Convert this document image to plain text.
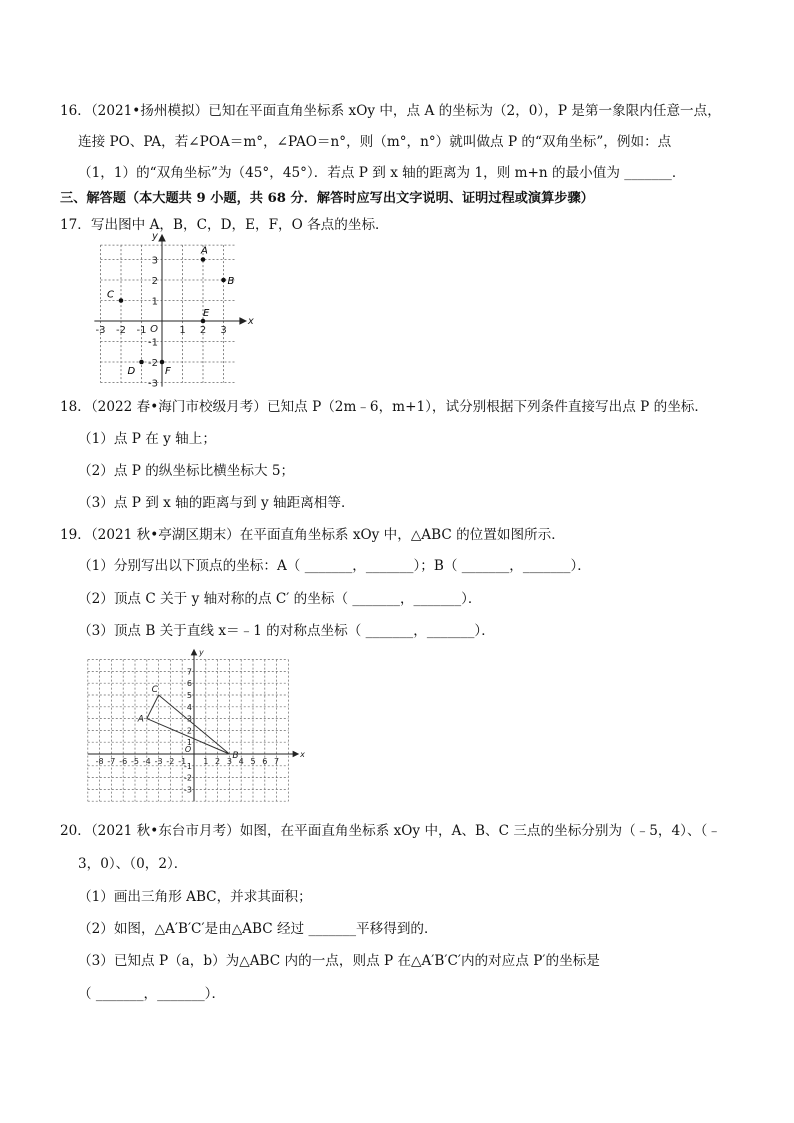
16．（2021•扬州模拟）已知在平面直角坐标系 xOy 中，点 A 的坐标为（2，0），P 是第一象限内任意一点，
连接 PO、PA，若∠POA＝m°，∠PAO＝n°，则（m°，n°）就叫做点 P 的“双角坐标”，例如：点
（1，1）的“双角坐标”为（45°，45°）．若点 P 到 x 轴的距离为 1，则 m+n 的最小值为 _______．
三、解答题（本大题共 9 小题，共 68 分．解答时应写出文字说明、证明过程或演算步骤）
17．写出图中 A，B，C，D，E，F，O 各点的坐标．
x
y
O
-3 -2 -1	1 2 3
3
2
1
-1
-2
-3
A
B
C
E
D	F
18．（2022 春•海门市校级月考）已知点 P（2m﹣6，m+1），试分别根据下列条件直接写出点 P 的坐标．
（1）点 P 在 y 轴上；
（2）点 P 的纵坐标比横坐标大 5；
（3）点 P 到 x 轴的距离与到 y 轴距离相等．
19．（2021 秋•亭湖区期末）在平面直角坐标系 xOy 中，△ABC 的位置如图所示．
（1）分别写出以下顶点的坐标：A（ _______，_______）；B（ _______，_______）．
（2）顶点 C 关于 y 轴对称的点 C′ 的坐标（ _______，_______）．
（3）顶点 B 关于直线 x＝﹣1 的对称点坐标（ _______，_______）．
x
y
O
-8 -7 -6 -5 -4 -3 -2 -1 1 2 3 4 5 6 7
7
6
5
4
3
2
1
-1
-2
-3
A
B
C
20．（2021 秋•东台市月考）如图，在平面直角坐标系 xOy 中，A、B、C 三点的坐标分别为（﹣5，4）、（﹣
3，0）、（0，2）．
（1）画出三角形 ABC，并求其面积；
（2）如图，△A′B′C′是由△ABC 经过 _______平移得到的．
（3）已知点 P（a，b）为△ABC 内的一点，则点 P 在△A′B′C′内的对应点 P′的坐标是
（ _______，_______）．
